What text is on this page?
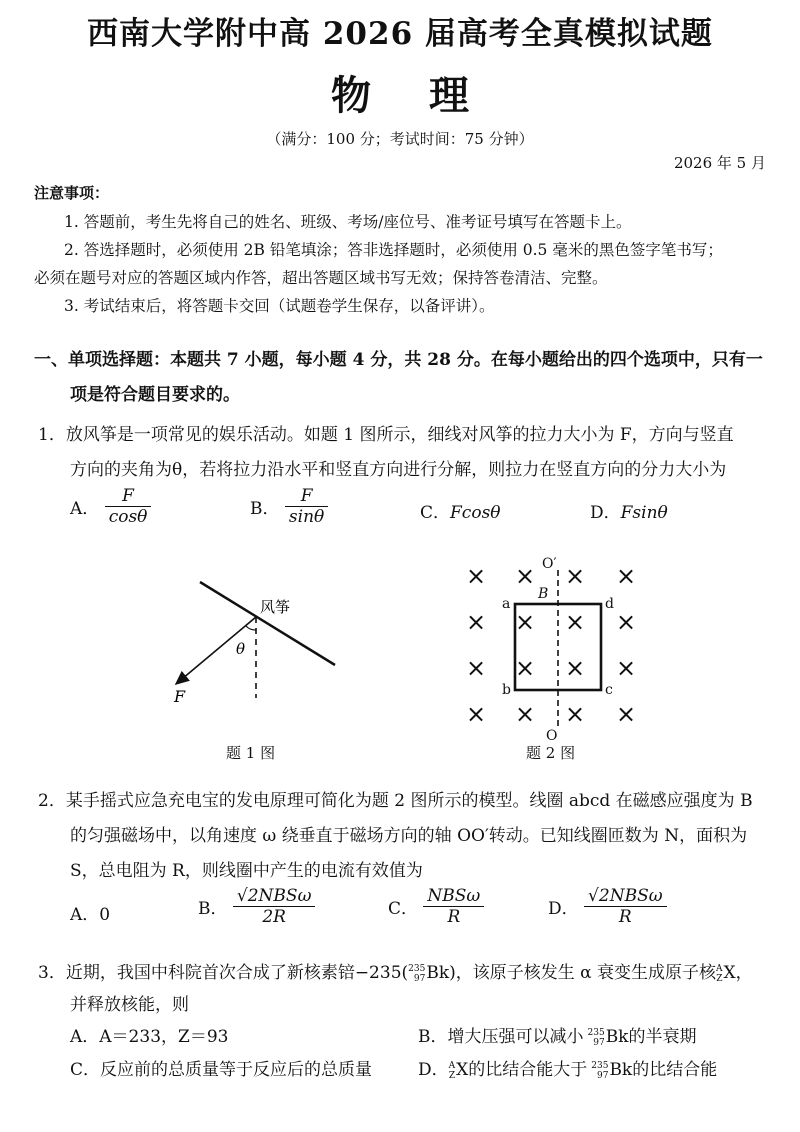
西南大学附中高 2026 届高考全真模拟试题
物理
（满分：100 分；考试时间：75 分钟）
2026 年 5 月
注意事项：
1. 答题前，考生先将自己的姓名、班级、考场/座位号、准考证号填写在答题卡上。
2. 答选择题时，必须使用 2B 铅笔填涂；答非选择题时，必须使用 0.5 毫米的黑色签字笔书写；
必须在题号对应的答题区域内作答，超出答题区域书写无效；保持答卷清洁、完整。
3. 考试结束后，将答题卡交回（试题卷学生保存，以备评讲）。
一、单项选择题：本题共 7 小题，每小题 4 分，共 28 分。在每小题给出的四个选项中，只有一
项是符合题目要求的。
1．放风筝是一项常见的娱乐活动。如题 1 图所示，细线对风筝的拉力大小为 F，方向与竖直
方向的夹角为θ，若将拉力沿水平和竖直方向进行分解，则拉力在竖直方向的分力大小为
A． $\frac{F}{\cos\theta}$	B． $\frac{F}{\sin\theta}$	C．Fcosθ	D．Fsinθ
风筝
θ
F
题 1 图
× × × ×
× × × ×
× × × ×
× × × ×
O′
O
a
b	c
d
B
题 2 图
2．某手摇式应急充电宝的发电原理可简化为题 2 图所示的模型。线圈 abcd 在磁感应强度为 B
的匀强磁场中，以角速度 ω 绕垂直于磁场方向的轴 OO′转动。已知线圈匝数为 N，面积为
S，总电阻为 R，则线圈中产生的电流有效值为
A．0	B． $\frac{\text{√2NBSω}}{2R}$	C． $\frac{\text{NBSω}}{R}$	D． $\frac{\text{√2NBSω}}{R}$
3．近期，我国中科院首次合成了新核素锫−235(235
97Bk)，该原子核发生 α 衰变生成原子核A
ZX，
并释放核能，则
A．A＝233，Z＝93	B．增大压强可以减小 235
97Bk的半衰期
C．反应前的总质量等于反应后的总质量	D．A
ZX的比结合能大于 235
97Bk的比结合能
